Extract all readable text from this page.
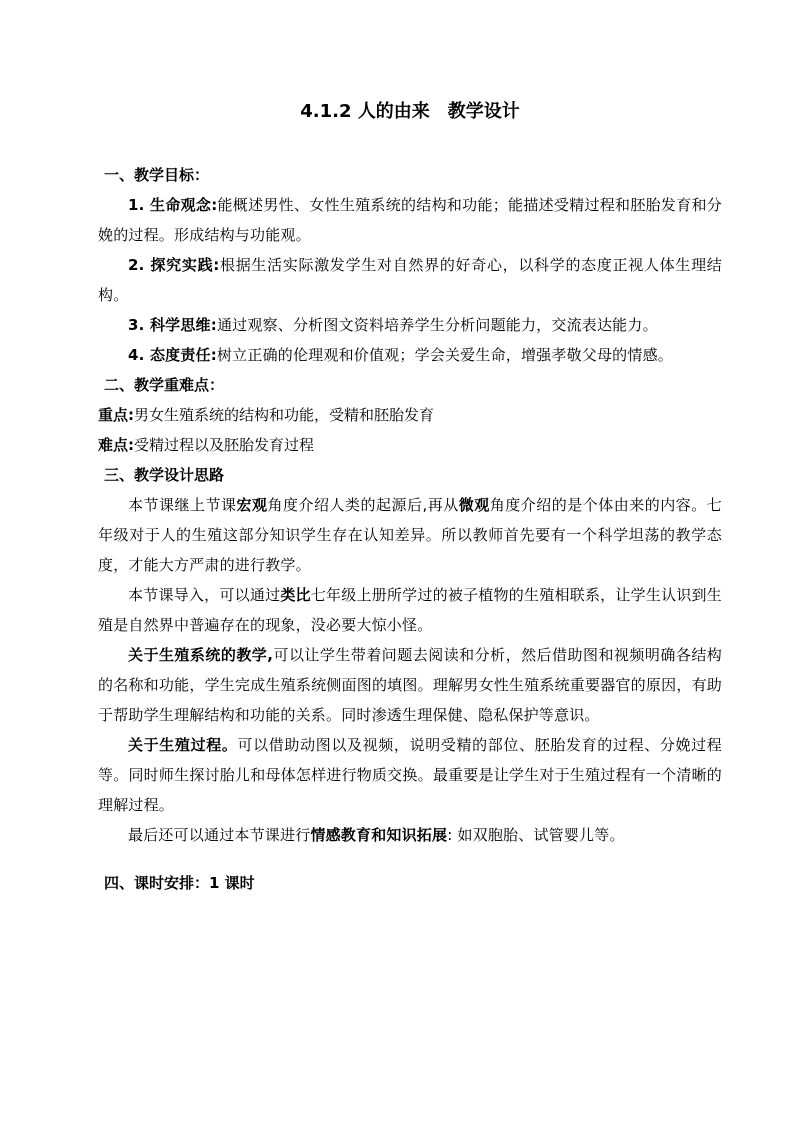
4.1.2 人的由来　教学设计
一、教学目标：

1. 生命观念:能概述男性、女性生殖系统的结构和功能；能描述受精过程和胚胎发育和分娩的过程。形成结构与功能观。

2. 探究实践:根据生活实际激发学生对自然界的好奇心，以科学的态度正视人体生理结构。

3. 科学思维:通过观察、分析图文资料培养学生分析问题能力，交流表达能力。

4. 态度责任:树立正确的伦理观和价值观；学会关爱生命，增强孝敬父母的情感。

二、教学重难点：

重点:男女生殖系统的结构和功能，受精和胚胎发育

难点:受精过程以及胚胎发育过程

三、教学设计思路

本节课继上节课宏观角度介绍人类的起源后,再从微观角度介绍的是个体由来的内容。七年级对于人的生殖这部分知识学生存在认知差异。所以教师首先要有一个科学坦荡的教学态度，才能大方严肃的进行教学。

本节课导入，可以通过类比七年级上册所学过的被子植物的生殖相联系，让学生认识到生殖是自然界中普遍存在的现象，没必要大惊小怪。

关于生殖系统的教学,可以让学生带着问题去阅读和分析，然后借助图和视频明确各结构的名称和功能，学生完成生殖系统侧面图的填图。理解男女性生殖系统重要器官的原因，有助于帮助学生理解结构和功能的关系。同时渗透生理保健、隐私保护等意识。

关于生殖过程。可以借助动图以及视频，说明受精的部位、胚胎发育的过程、分娩过程等。同时师生探讨胎儿和母体怎样进行物质交换。最重要是让学生对于生殖过程有一个清晰的理解过程。

最后还可以通过本节课进行情感教育和知识拓展: 如双胞胎、试管婴儿等。

四、课时安排：1 课时
